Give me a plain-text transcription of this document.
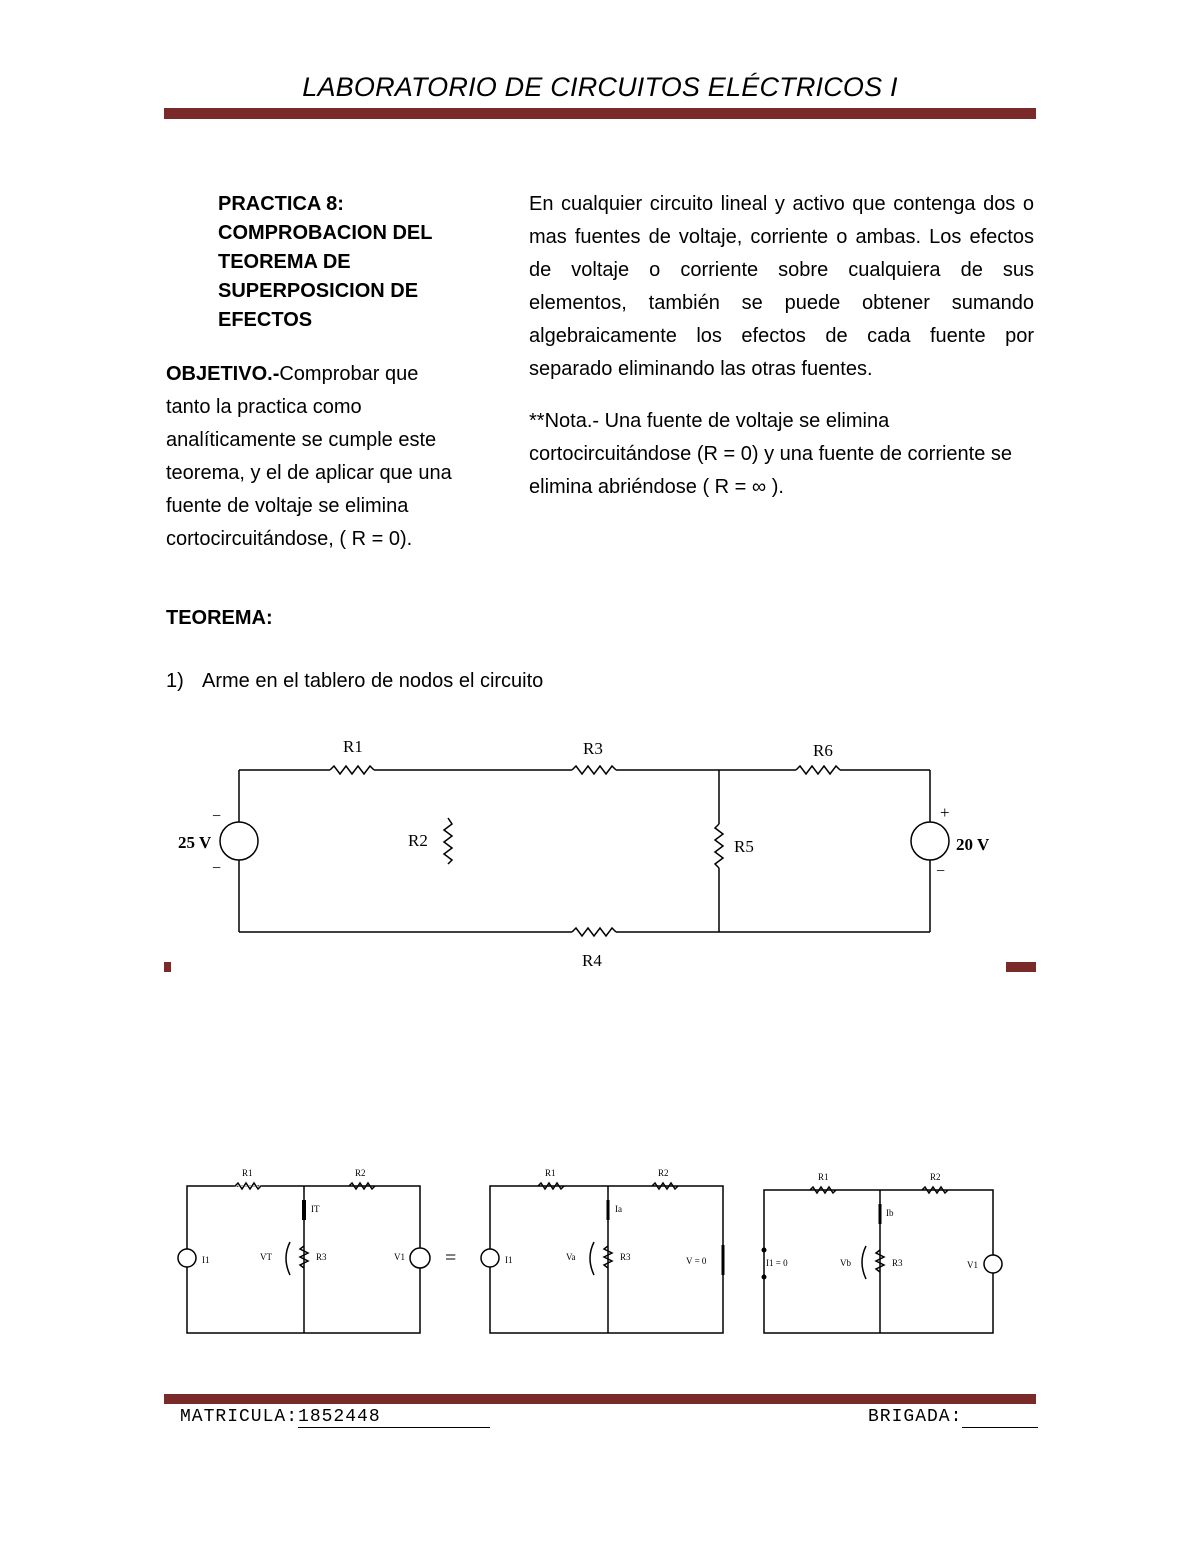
LABORATORIO DE CIRCUITOS ELÉCTRICOS I
PRACTICA 8: COMPROBACION DEL TEOREMA DE SUPERPOSICION DE EFECTOS
OBJETIVO.-Comprobar que tanto la practica como analíticamente se cumple este teorema, y el de aplicar que una fuente de voltaje se elimina cortocircuitándose, ( R = 0).
En cualquier circuito lineal y activo que contenga dos o mas fuentes de voltaje, corriente o ambas. Los efectos de voltaje o corriente sobre cualquiera de sus elementos, también se puede obtener sumando algebraicamente los efectos de cada fuente por separado eliminando las otras fuentes.
**Nota.- Una fuente de voltaje se elimina cortocircuitándose (R = 0) y una fuente de corriente se elimina abriéndose ( R = ∞ ).
TEOREMA:
1) Arme en el tablero de nodos el circuito
R1	R3	R6
R2	R5
R4
25 V	20 V
−
−
+
−
R1	R2
IT
VT	R3	V1
I1
R1	R2
Ia
Va	R3	V = 0
I1
R1	R2
Ib
Vb	R3	V1
I1 = 0
=
MATRICULA:1852448	BRIGADA:
